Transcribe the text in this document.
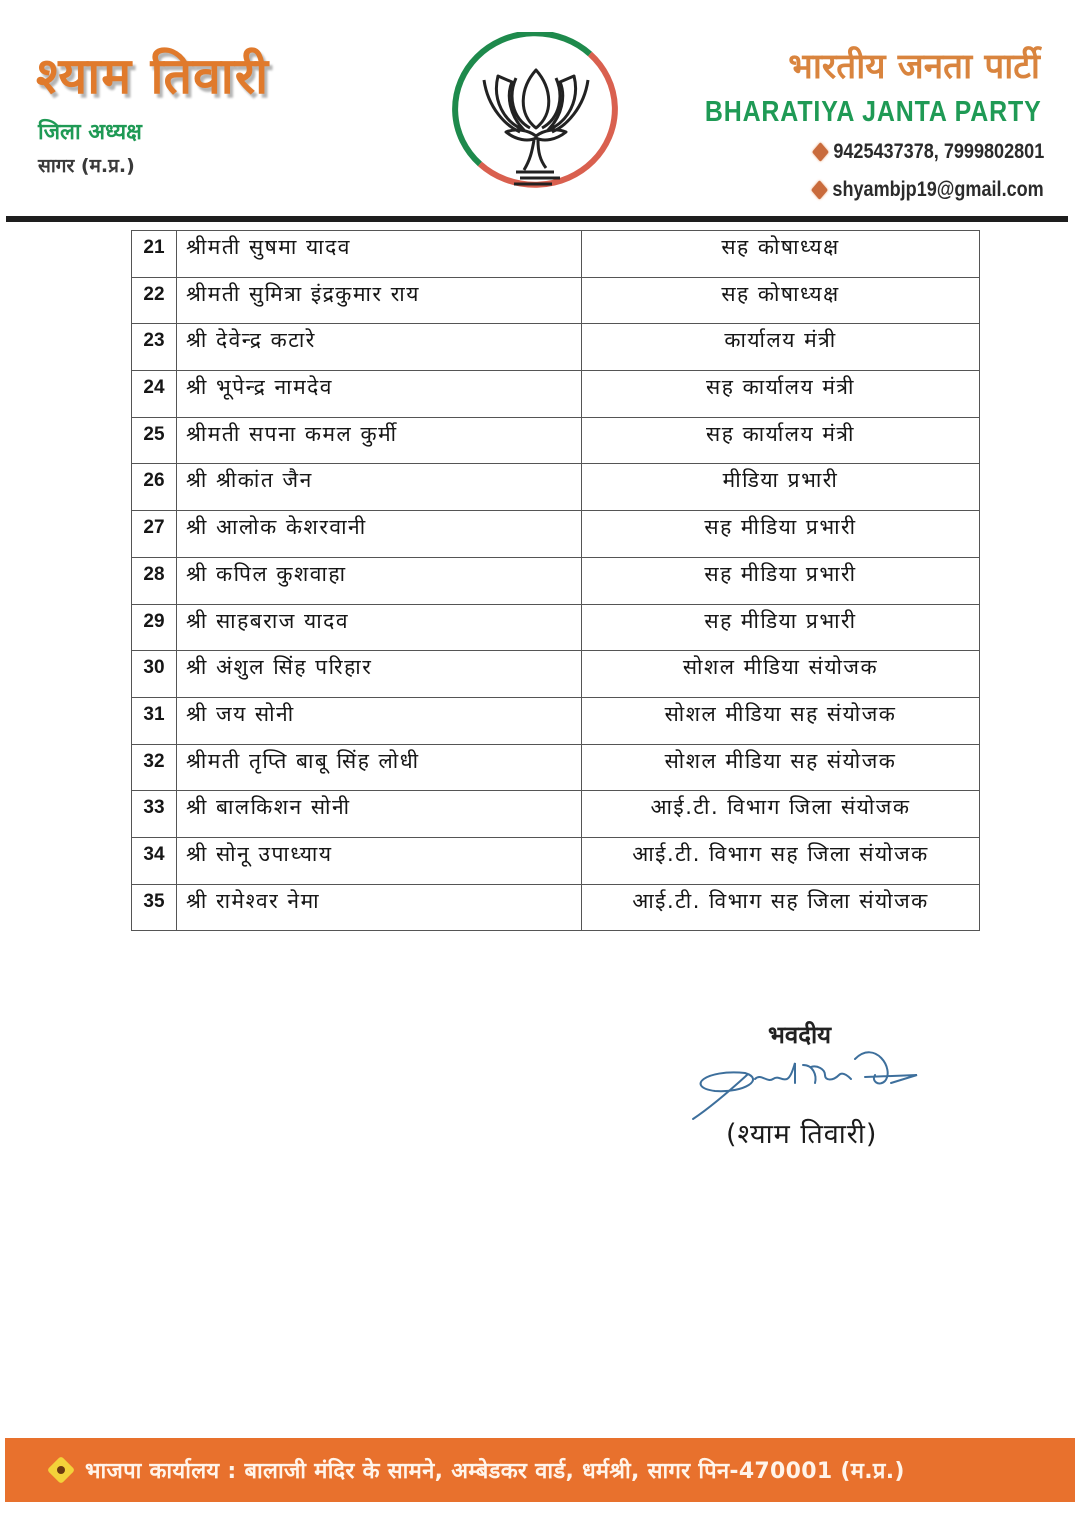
श्याम तिवारी
जिला अध्यक्ष
सागर (म.प्र.)
भारतीय जनता पार्टी
BHARATIYA JANTA PARTY
9425437378, 7999802801
shyambjp19@gmail.com
21	श्रीमती सुषमा यादव	सह कोषाध्यक्ष
22	श्रीमती सुमित्रा इंद्रकुमार राय	सह कोषाध्यक्ष
23	श्री देवेन्द्र कटारे	कार्यालय मंत्री
24	श्री भूपेन्द्र नामदेव	सह कार्यालय मंत्री
25	श्रीमती सपना कमल कुर्मी	सह कार्यालय मंत्री
26	श्री श्रीकांत जैन	मीडिया प्रभारी
27	श्री आलोक केशरवानी	सह मीडिया प्रभारी
28	श्री कपिल कुशवाहा	सह मीडिया प्रभारी
29	श्री साहबराज यादव	सह मीडिया प्रभारी
30	श्री अंशुल सिंह परिहार	सोशल मीडिया संयोजक
31	श्री जय सोनी	सोशल मीडिया सह संयोजक
32	श्रीमती तृप्ति बाबू सिंह लोधी	सोशल मीडिया सह संयोजक
33	श्री बालकिशन सोनी	आई.टी. विभाग जिला संयोजक
34	श्री सोनू उपाध्याय	आई.टी. विभाग सह जिला संयोजक
35	श्री रामेश्वर नेमा	आई.टी. विभाग सह जिला संयोजक
भवदीय
(श्याम तिवारी)
भाजपा कार्यालय : बालाजी मंदिर के सामने, अम्बेडकर वार्ड, धर्मश्री, सागर पिन-470001 (म.प्र.)
